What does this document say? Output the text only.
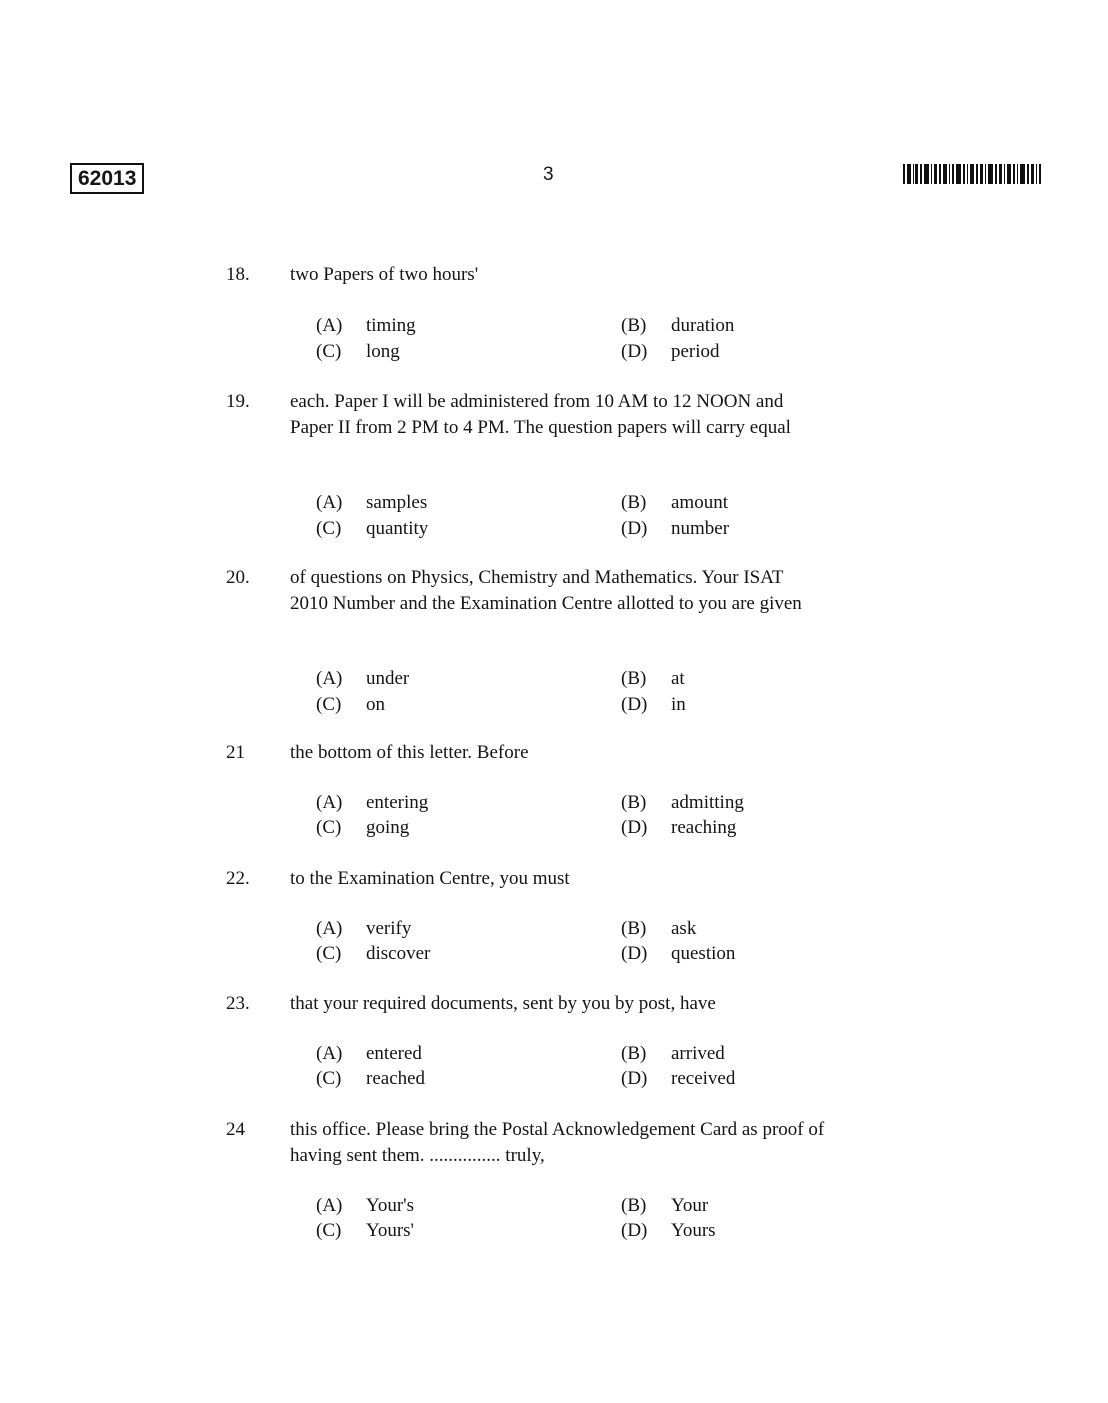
62013	3
18. two Papers of two hours'
(A) timing	(B) duration
(C) long	(D) period
19. each. Paper I will be administered from 10 AM to 12 NOON and
Paper II from 2 PM to 4 PM. The question papers will carry equal
(A) samples	(B) amount
(C) quantity	(D) number
20. of questions on Physics, Chemistry and Mathematics. Your ISAT
2010 Number and the Examination Centre allotted to you are given
(A) under	(B) at
(C) on	(D) in
21 the bottom of this letter. Before
(A) entering	(B) admitting
(C) going	(D) reaching
22. to the Examination Centre, you must
(A) verify	(B) ask
(C) discover	(D) question
23. that your required documents, sent by you by post, have
(A) entered	(B) arrived
(C) reached	(D) received
24 this office. Please bring the Postal Acknowledgement Card as proof of
having sent them. ............... truly,
(A) Your's	(B) Your
(C) Yours'	(D) Yours
